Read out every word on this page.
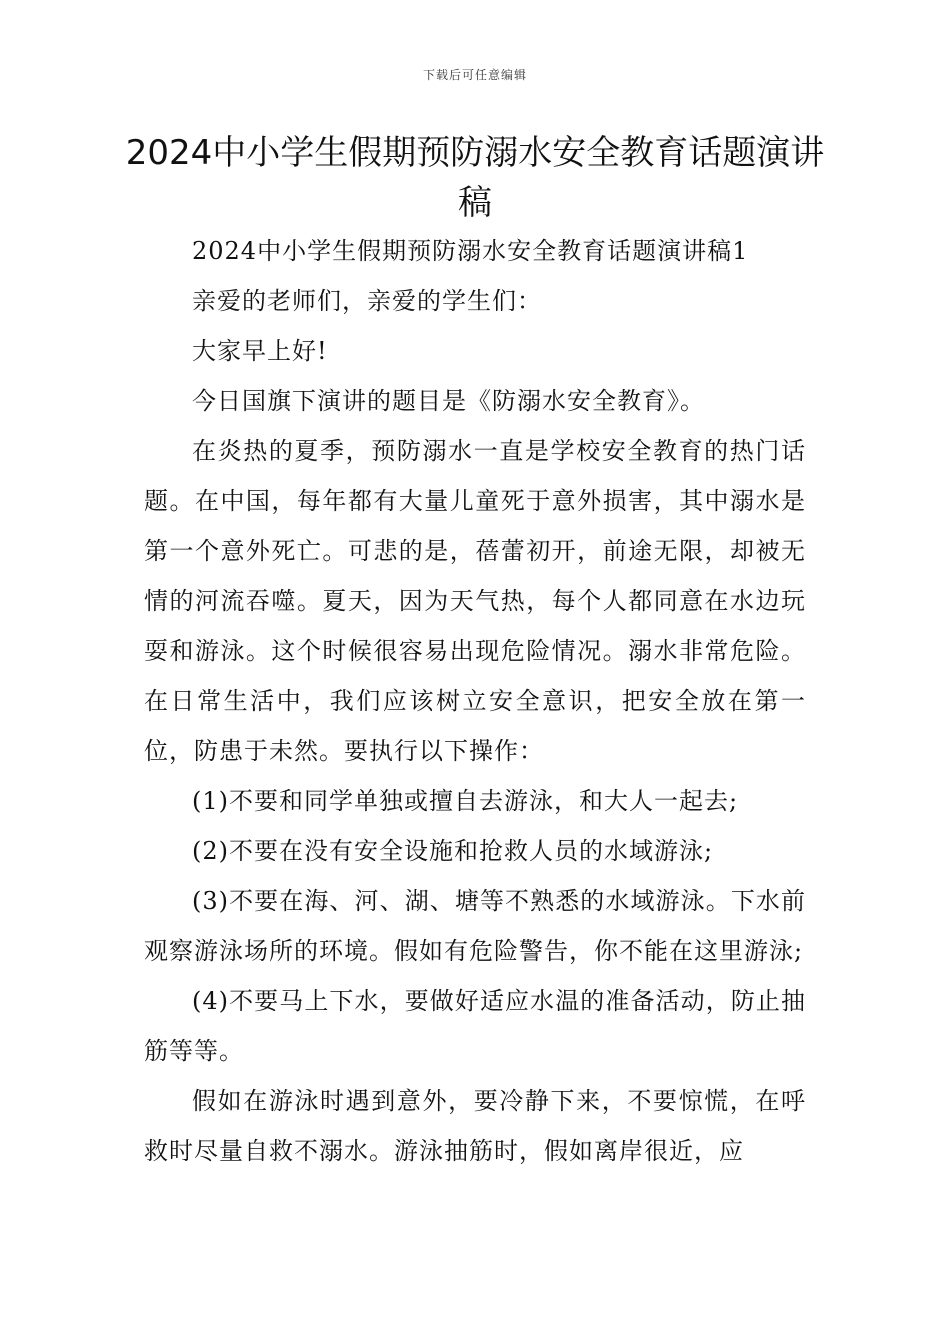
下载后可任意编辑
2024中小学生假期预防溺水安全教育话题演讲稿

2024中小学生假期预防溺水安全教育话题演讲稿1

亲爱的老师们，亲爱的学生们：

大家早上好!

今日国旗下演讲的题目是《防溺水安全教育》。

在炎热的夏季，预防溺水一直是学校安全教育的热门话题。在中国，每年都有大量儿童死于意外损害，其中溺水是第一个意外死亡。可悲的是，蓓蕾初开，前途无限，却被无情的河流吞噬。夏天，因为天气热，每个人都同意在水边玩耍和游泳。这个时候很容易出现危险情况。溺水非常危险。在日常生活中，我们应该树立安全意识，把安全放在第一位，防患于未然。要执行以下操作：

(1)不要和同学单独或擅自去游泳，和大人一起去;

(2)不要在没有安全设施和抢救人员的水域游泳;

(3)不要在海、河、湖、塘等不熟悉的水域游泳。下水前观察游泳场所的环境。假如有危险警告，你不能在这里游泳;

(4)不要马上下水，要做好适应水温的准备活动，防止抽筋等等。

假如在游泳时遇到意外，要冷静下来，不要惊慌，在呼救时尽量自救不溺水。游泳抽筋时，假如离岸很近，应
